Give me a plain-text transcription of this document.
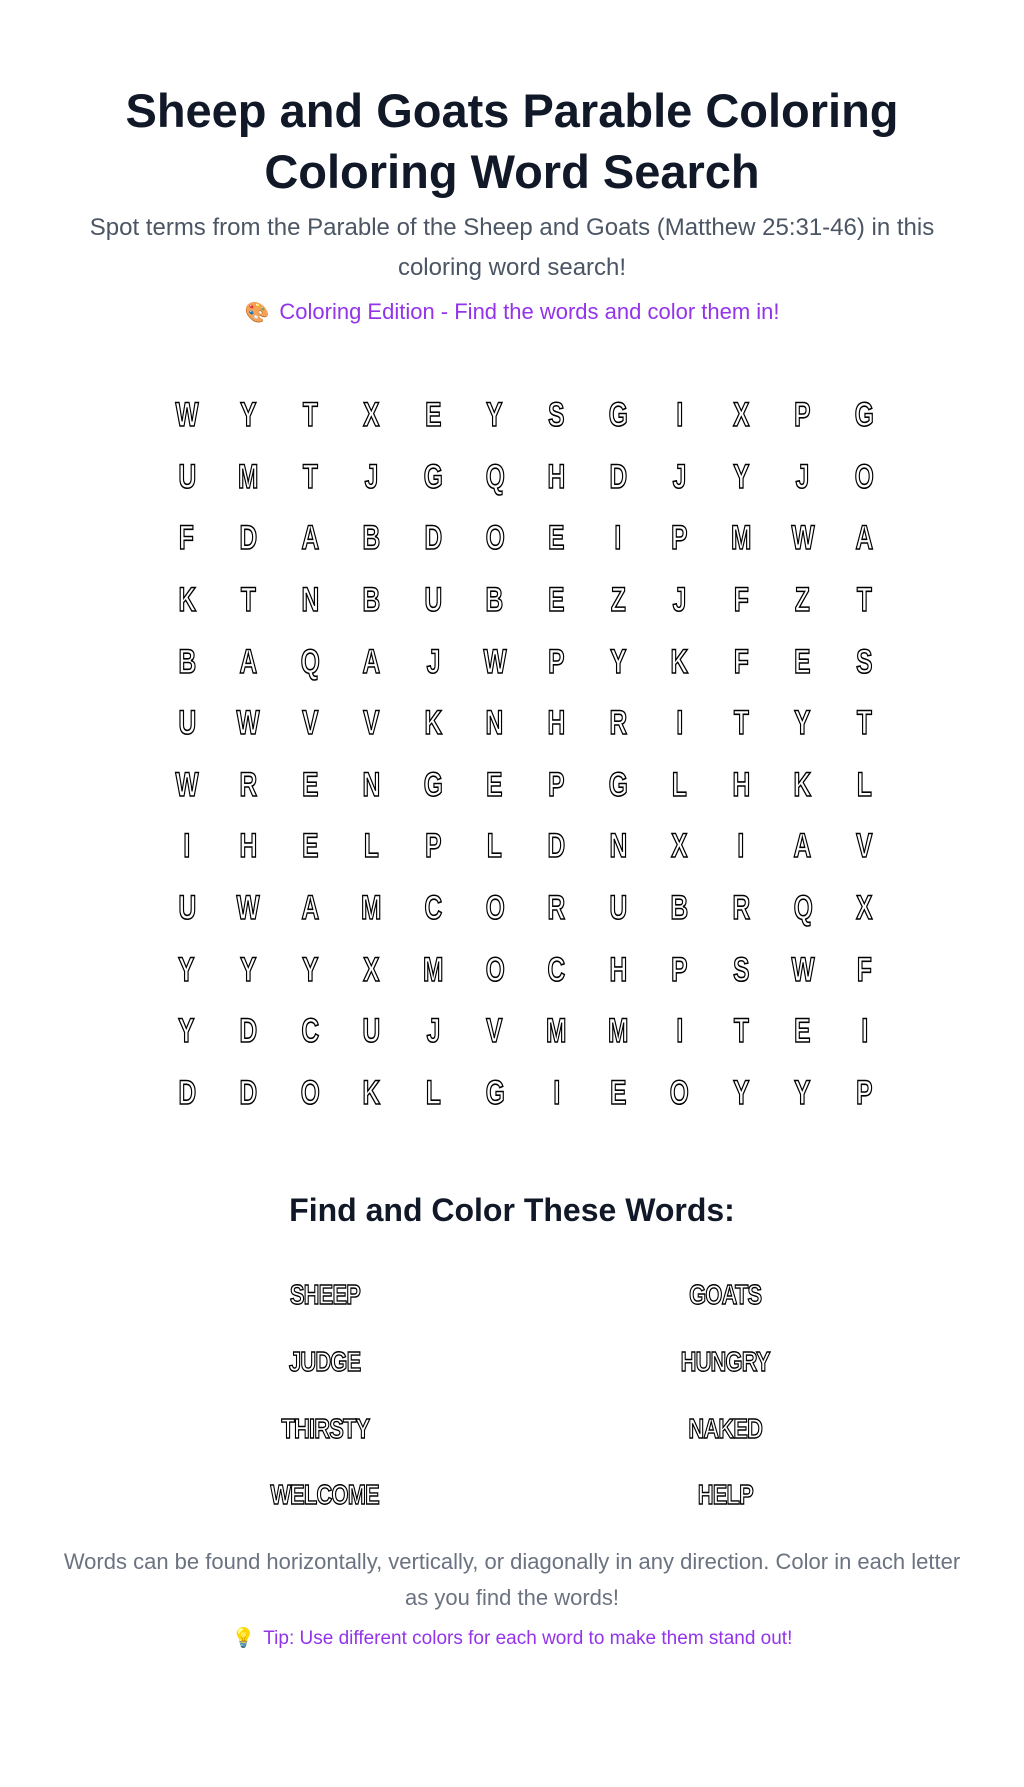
Sheep and Goats Parable Coloring
Coloring Word Search

Spot terms from the Parable of the Sheep and Goats (Matthew 25:31-46) in this coloring word search!

🎨 Coloring Edition - Find the words and color them in!
W Y T X E Y S G I X P G
U M T J G Q H D J Y J O
F D A B D O E I P M W A
K T N B U B E Z J F Z T
B A Q A J W P Y K F E S
U W V V K N H R I T Y T
W R E N G E P G L H K L
I H E L P L D N X I A V
U W A M C O R U B R Q X
Y Y Y X M O C H P S W F
Y D C U J V M M I T E I
D D O K L G I E O Y Y P
Find and Color These Words:
SHEEP	GOATS
JUDGE	HUNGRY
THIRSTY	NAKED
WELCOME	HELP

Words can be found horizontally, vertically, or diagonally in any direction. Color in each letter as you find the words!

💡 Tip: Use different colors for each word to make them stand out!
